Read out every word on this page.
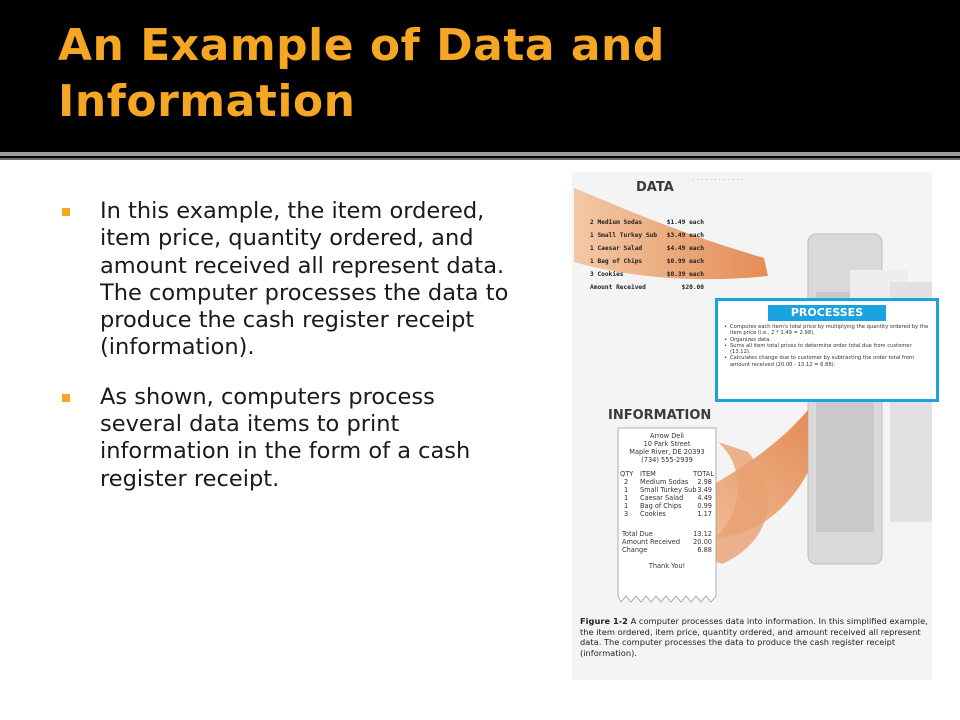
An Example of Data and Information
In this example, the item ordered, item price, quantity ordered, and amount received all represent data. The computer processes the data to produce the cash register receipt (information).
As shown, computers process several data items to print information in the form of a cash register receipt.
. . . . . . . . . . . .
DATA
2 Medium Sodas	$1.49 each
1 Small Turkey Sub	$3.49 each
1 Caesar Salad	$4.49 each
1 Bag of Chips	$0.99 each
3 Cookies	$0.39 each
Amount Received	$20.00
PROCESSES
• Computes each item's total price by multiplying the quantity ordered by the item price (i.e., 2 * 1.49 = 2.98).
• Organizes data.
• Sums all item total prices to determine order total due from customer (13.12).
• Calculates change due to customer by subtracting the order total from amount received (20.00 - 13.12 = 6.88).
INFORMATION
Arrow Deli
10 Park Street
Maple River, DE 20393
(734) 555-2939
QTY ITEM	TOTAL
2 Medium Sodas 2.98
1 Small Turkey Sub 3.49
1 Caesar Salad 4.49
1 Bag of Chips 0.99
3 Cookies	1.17
Total Due	13.12
Amount Received 20.00
Change	6.88
Thank You!

Figure 1-2 A computer processes data into information. In this simplified example, the item ordered, item price, quantity ordered, and amount received all represent data. The computer processes the data to produce the cash register receipt (information).
